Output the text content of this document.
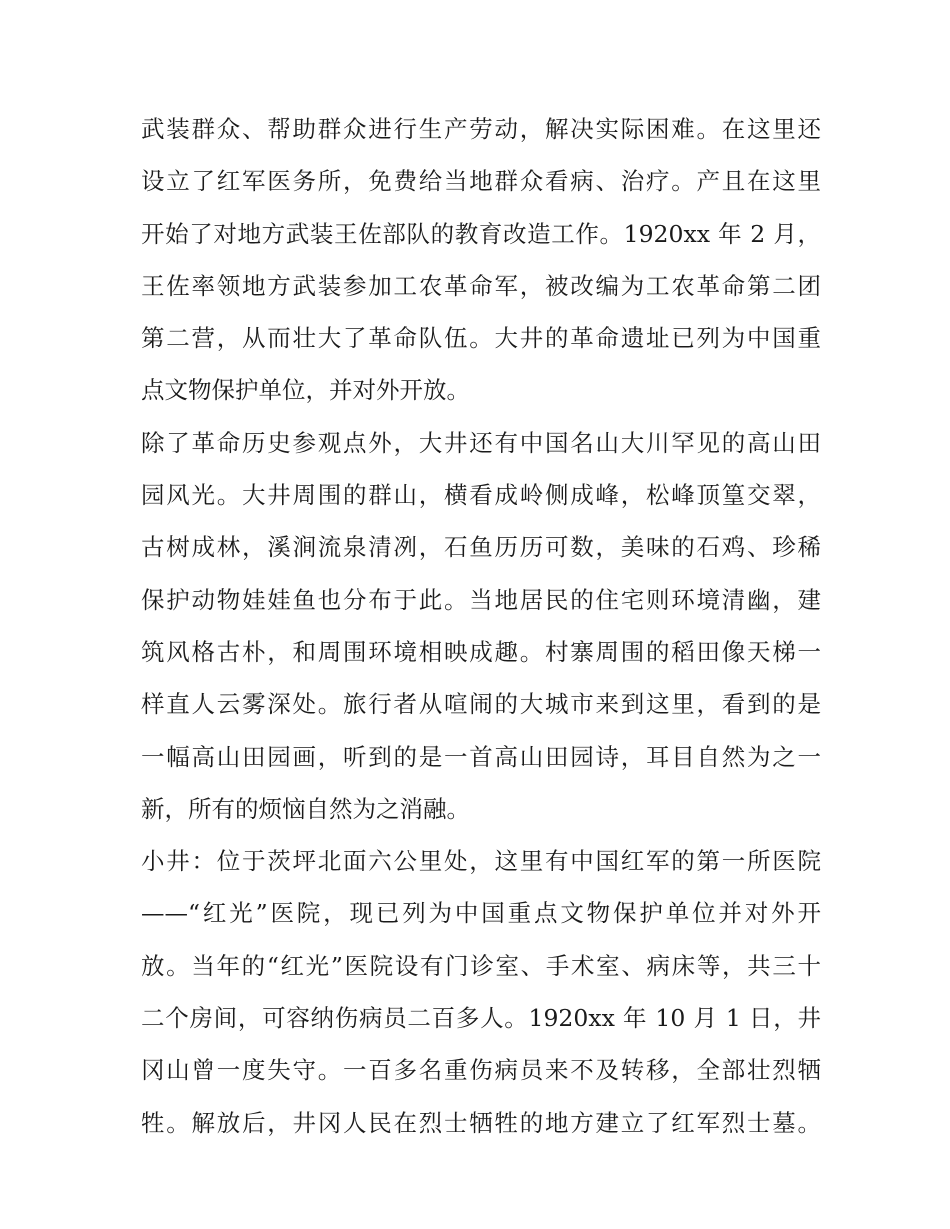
武装群众、帮助群众进行生产劳动，解决实际困难。在这里还
设立了红军医务所，免费给当地群众看病、治疗。产且在这里
开始了对地方武装王佐部队的教育改造工作。1920xx 年 2 月，
王佐率领地方武装参加工农革命军，被改编为工农革命第二团
第二营，从而壮大了革命队伍。大井的革命遗址已列为中国重
点文物保护单位，并对外开放。
除了革命历史参观点外，大井还有中国名山大川罕见的高山田
园风光。大井周围的群山，横看成岭侧成峰，松峰顶篁交翠，
古树成林，溪涧流泉清冽，石鱼历历可数，美味的石鸡、珍稀
保护动物娃娃鱼也分布于此。当地居民的住宅则环境清幽，建
筑风格古朴，和周围环境相映成趣。村寨周围的稻田像天梯一
样直人云雾深处。旅行者从喧闹的大城市来到这里，看到的是
一幅高山田园画，听到的是一首高山田园诗，耳目自然为之一
新，所有的烦恼自然为之消融。
小井：位于茨坪北面六公里处，这里有中国红军的第一所医院
——“红光”医院，现已列为中国重点文物保护单位并对外开
放。当年的“红光”医院设有门诊室、手术室、病床等，共三十
二个房间，可容纳伤病员二百多人。1920xx 年 10 月 1 日，井
冈山曾一度失守。一百多名重伤病员来不及转移，全部壮烈牺
牲。解放后，井冈人民在烈士牺牲的地方建立了红军烈士墓。
